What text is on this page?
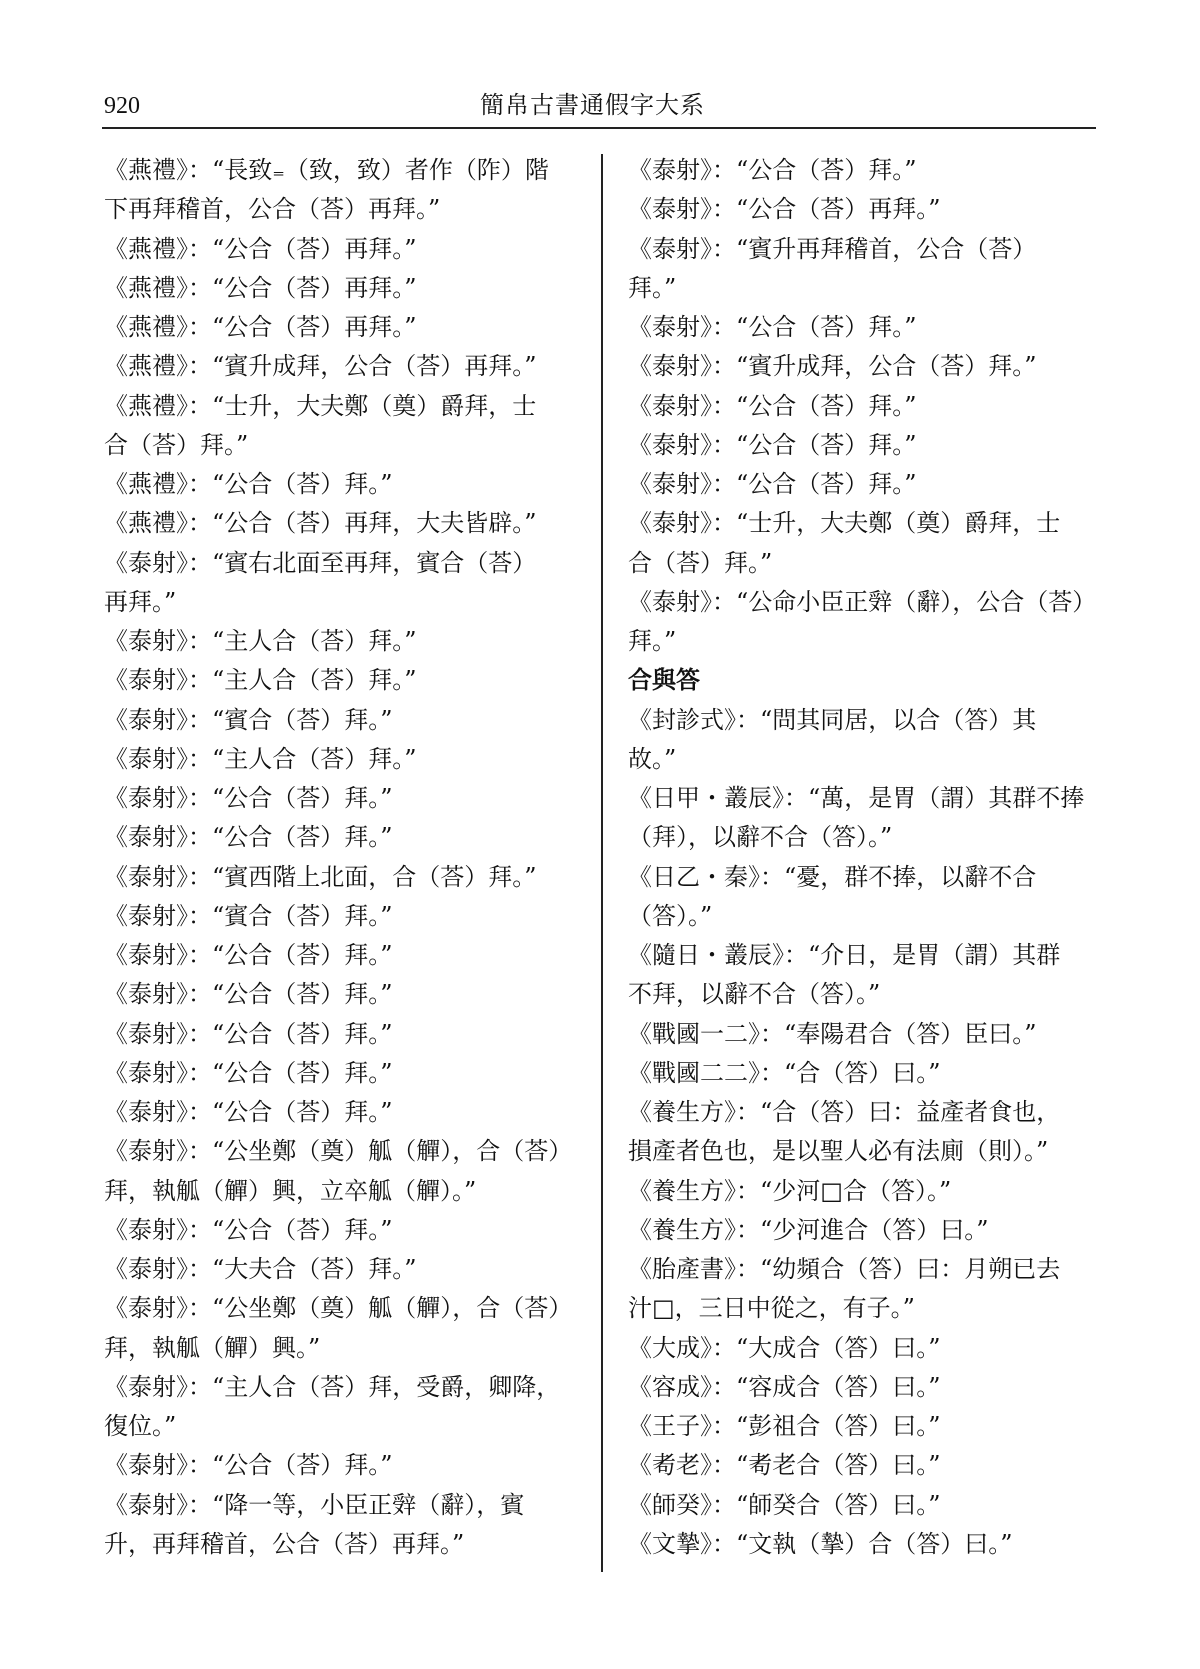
920	簡帛古書通假字大系

《燕禮》：“長致₌（致，致）者作（阼）階

下再拜稽首，公合（荅）再拜。”

《燕禮》：“公合（荅）再拜。”

《燕禮》：“公合（荅）再拜。”

《燕禮》：“公合（荅）再拜。”

《燕禮》：“賓升成拜，公合（荅）再拜。”

《燕禮》：“士升，大夫鄭（奠）爵拜，士

合（荅）拜。”

《燕禮》：“公合（荅）拜。”

《燕禮》：“公合（荅）再拜，大夫皆辟。”

《泰射》：“賓右北面至再拜，賓合（荅）

再拜。”

《泰射》：“主人合（荅）拜。”

《泰射》：“主人合（荅）拜。”

《泰射》：“賓合（荅）拜。”

《泰射》：“主人合（荅）拜。”

《泰射》：“公合（荅）拜。”

《泰射》：“公合（荅）拜。”

《泰射》：“賓西階上北面，合（荅）拜。”

《泰射》：“賓合（荅）拜。”

《泰射》：“公合（荅）拜。”

《泰射》：“公合（荅）拜。”

《泰射》：“公合（荅）拜。”

《泰射》：“公合（荅）拜。”

《泰射》：“公合（荅）拜。”

《泰射》：“公坐鄭（奠）觚（觶），合（荅）

拜，執觚（觶）興，立卒觚（觶）。”

《泰射》：“公合（荅）拜。”

《泰射》：“大夫合（荅）拜。”

《泰射》：“公坐鄭（奠）觚（觶），合（荅）

拜，執觚（觶）興。”

《泰射》：“主人合（荅）拜，受爵，卿降，

復位。”

《泰射》：“公合（荅）拜。”

《泰射》：“降一等，小臣正辤（辭），賓

升，再拜稽首，公合（荅）再拜。”

《泰射》：“公合（荅）拜。”

《泰射》：“公合（荅）再拜。”

《泰射》：“賓升再拜稽首，公合（荅）

拜。”

《泰射》：“公合（荅）拜。”

《泰射》：“賓升成拜，公合（荅）拜。”

《泰射》：“公合（荅）拜。”

《泰射》：“公合（荅）拜。”

《泰射》：“公合（荅）拜。”

《泰射》：“士升，大夫鄭（奠）爵拜，士

合（荅）拜。”

《泰射》：“公命小臣正辤（辭），公合（荅）

拜。”

合與答

《封診式》：“問其同居，以合（答）其

故。”

《日甲・叢辰》：“萬，是胃（謂）其群不捧

（拜），以辭不合（答）。”

《日乙・秦》：“憂，群不捧，以辭不合

（答）。”

《隨日・叢辰》：“介日，是胃（謂）其群

不拜，以辭不合（答）。”

《戰國一二》：“奉陽君合（答）臣曰。”

《戰國二二》：“合（答）曰。”

《養生方》：“合（答）曰：益產者食也，

損產者色也，是以聖人必有法廁（則）。”

《養生方》：“少河□合（答）。”

《養生方》：“少河進合（答）曰。”

《胎產書》：“幼頻合（答）曰：月朔已去

汁□，三日中從之，有子。”

《大成》：“大成合（答）曰。”

《容成》：“容成合（答）曰。”

《王子》：“彭祖合（答）曰。”

《耇老》：“耇老合（答）曰。”

《師癸》：“師癸合（答）曰。”

《文摯》：“文執（摯）合（答）曰。”
